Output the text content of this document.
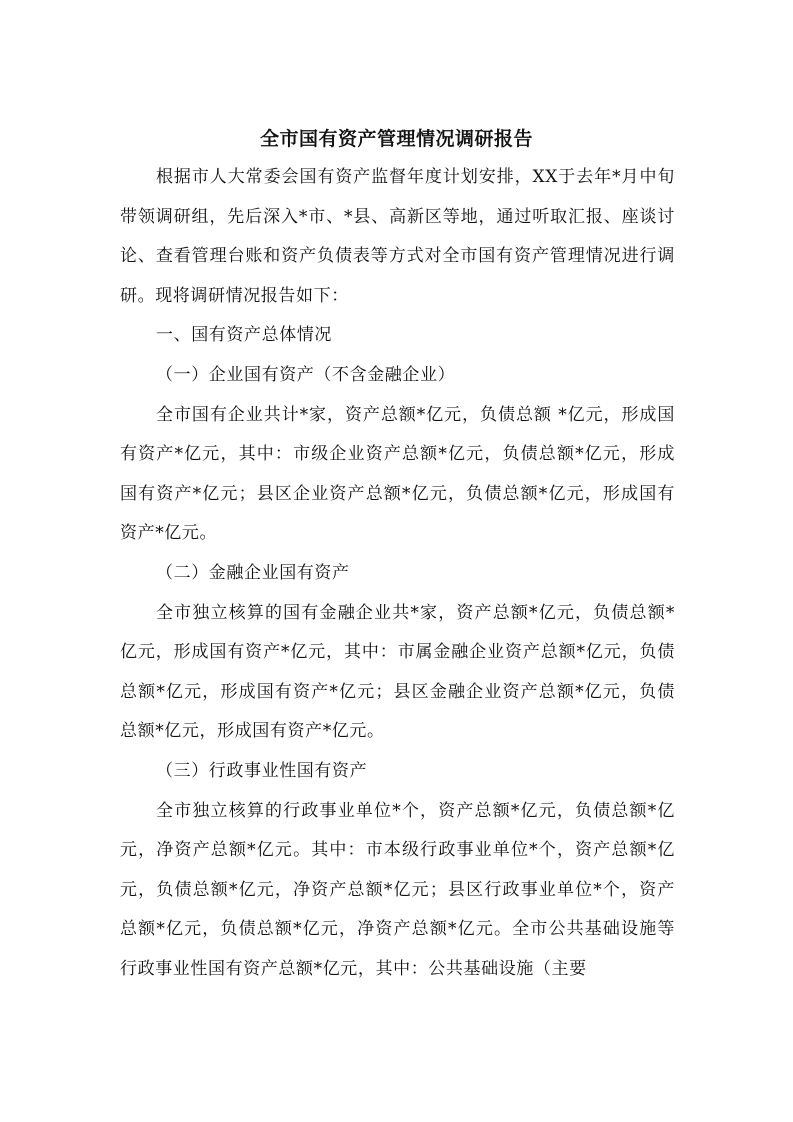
全市国有资产管理情况调研报告

根据市人大常委会国有资产监督年度计划安排，XX于去年*月中旬带领调研组，先后深入*市、*县、高新区等地，通过听取汇报、座谈讨论、查看管理台账和资产负债表等方式对全市国有资产管理情况进行调研。现将调研情况报告如下：

一、国有资产总体情况

（一）企业国有资产（不含金融企业）

全市国有企业共计*家，资产总额*亿元，负债总额 *亿元，形成国有资产*亿元，其中：市级企业资产总额*亿元，负债总额*亿元，形成国有资产*亿元；县区企业资产总额*亿元，负债总额*亿元，形成国有资产*亿元。

（二）金融企业国有资产

全市独立核算的国有金融企业共*家，资产总额*亿元，负债总额*亿元，形成国有资产*亿元，其中：市属金融企业资产总额*亿元，负债总额*亿元，形成国有资产*亿元；县区金融企业资产总额*亿元，负债总额*亿元，形成国有资产*亿元。

（三）行政事业性国有资产

全市独立核算的行政事业单位*个，资产总额*亿元，负债总额*亿元，净资产总额*亿元。其中：市本级行政事业单位*个，资产总额*亿元，负债总额*亿元，净资产总额*亿元；县区行政事业单位*个，资产总额*亿元，负债总额*亿元，净资产总额*亿元。全市公共基础设施等行政事业性国有资产总额*亿元，其中：公共基础设施（主要
